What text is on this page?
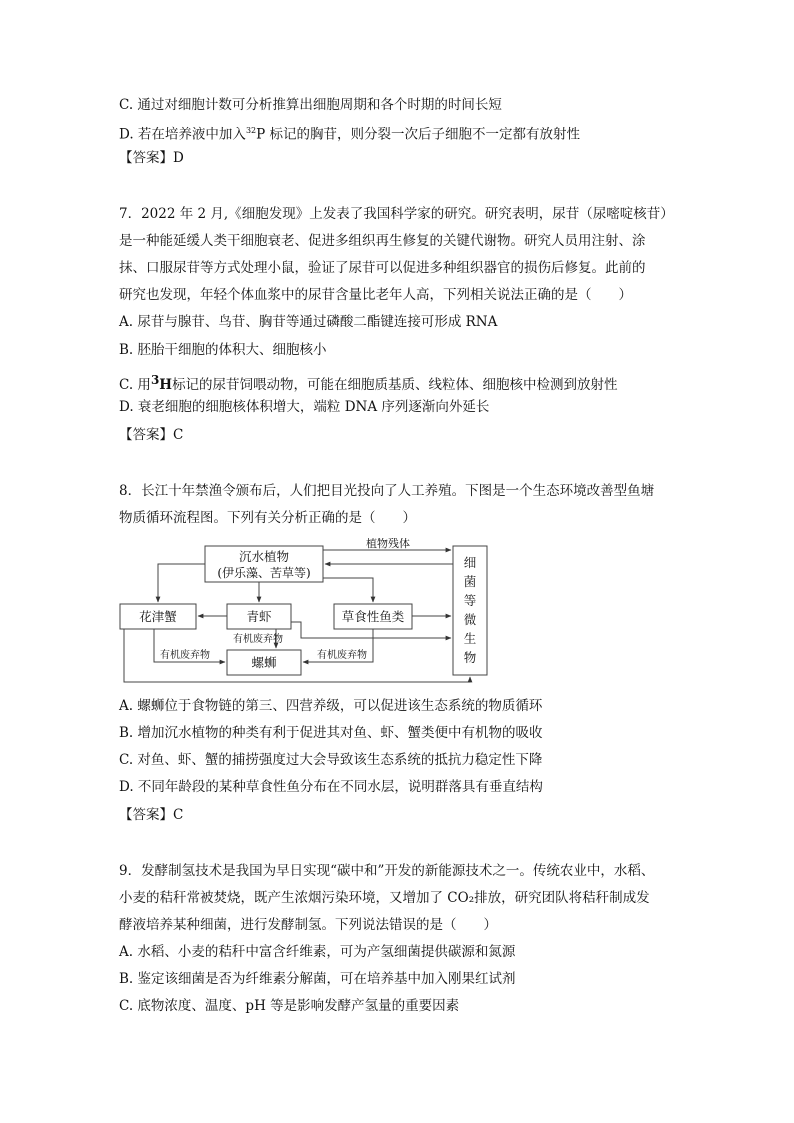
C. 通过对细胞计数可分析推算出细胞周期和各个时期的时间长短
D. 若在培养液中加入$^{32}$P 标记的胸苷，则分裂一次后子细胞不一定都有放射性
【答案】D
7．2022 年 2 月,《细胞发现》上发表了我国科学家的研究。研究表明，尿苷（尿嘧啶核苷）
是一种能延缓人类干细胞衰老、促进多组织再生修复的关键代谢物。研究人员用注射、涂
抹、口服尿苷等方式处理小鼠，验证了尿苷可以促进多种组织器官的损伤后修复。此前的
研究也发现，年轻个体血浆中的尿苷含量比老年人高，下列相关说法正确的是（　　）
A. 尿苷与腺苷、鸟苷、胸苷等通过磷酸二酯键连接可形成 RNA
B. 胚胎干细胞的体积大、细胞核小
C. 用3H标记的尿苷饲喂动物，可能在细胞质基质、线粒体、细胞核中检测到放射性
D. 衰老细胞的细胞核体积增大，端粒 DNA 序列逐渐向外延长
【答案】C
8．长江十年禁渔令颁布后，人们把目光投向了人工养殖。下图是一个生态环境改善型鱼塘
物质循环流程图。下列有关分析正确的是（　　）
沉水植物
(伊乐藻、苦草等)
花津蟹	青虾	草食性鱼类
螺蛳
植物残体
有机废弃物
有机废弃物	有机废弃物
细
菌
等
微
生
物
A. 螺蛳位于食物链的第三、四营养级，可以促进该生态系统的物质循环
B. 增加沉水植物的种类有利于促进其对鱼、虾、蟹类便中有机物的吸收
C. 对鱼、虾、蟹的捕捞强度过大会导致该生态系统的抵抗力稳定性下降
D. 不同年龄段的某种草食性鱼分布在不同水层，说明群落具有垂直结构
【答案】C
9．发酵制氢技术是我国为早日实现“碳中和”开发的新能源技术之一。传统农业中，水稻、
小麦的秸秆常被焚烧，既产生浓烟污染环境，又增加了 CO₂排放，研究团队将秸秆制成发
酵液培养某种细菌，进行发酵制氢。下列说法错误的是（　　）
A. 水稻、小麦的秸秆中富含纤维素，可为产氢细菌提供碳源和氮源
B. 鉴定该细菌是否为纤维素分解菌，可在培养基中加入刚果红试剂
C. 底物浓度、温度、pH 等是影响发酵产氢量的重要因素
